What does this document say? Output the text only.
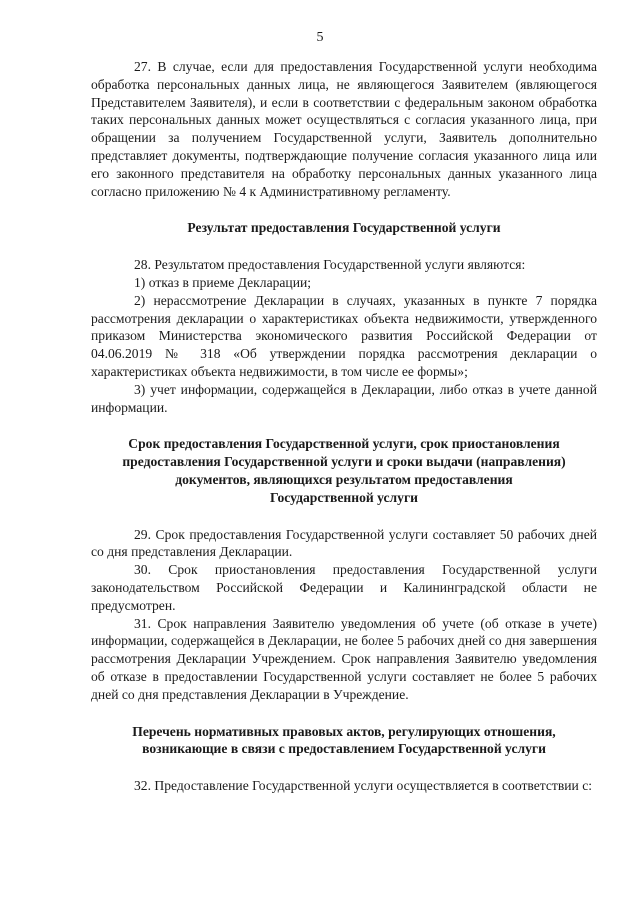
5

27. В случае, если для предоставления Государственной услуги необходима обработка персональных данных лица, не являющегося Заявителем (являющегося Представителем Заявителя), и если в соответствии с федеральным законом обработка таких персональных данных может осуществляться с согласия указанного лица, при обращении за получением Государственной услуги, Заявитель дополнительно представляет документы, подтверждающие получение согласия указанного лица или его законного представителя на обработку персональных данных указанного лица согласно приложению № 4 к Административному регламенту.

Результат предоставления Государственной услуги

28. Результатом предоставления Государственной услуги являются:

1) отказ в приеме Декларации;

2) нерассмотрение Декларации в случаях, указанных в пункте 7 порядка рассмотрения декларации о характеристиках объекта недвижимости, утвержденного приказом Министерства экономического развития Российской Федерации от 04.06.2019 № 318 «Об утверждении порядка рассмотрения декларации о характеристиках объекта недвижимости, в том числе ее формы»;

3) учет информации, содержащейся в Декларации, либо отказ в учете данной информации.

Срок предоставления Государственной услуги, срок приостановления
предоставления Государственной услуги и сроки выдачи (направления)
документов, являющихся результатом предоставления
Государственной услуги

29. Срок предоставления Государственной услуги составляет 50 рабочих дней со дня представления Декларации.

30. Срок приостановления предоставления Государственной услуги законодательством Российской Федерации и Калининградской области не предусмотрен.

31. Срок направления Заявителю уведомления об учете (об отказе в учете) информации, содержащейся в Декларации, не более 5 рабочих дней со дня завершения рассмотрения Декларации Учреждением. Срок направления Заявителю уведомления об отказе в предоставлении Государственной услуги составляет не более 5 рабочих дней со дня представления Декларации в Учреждение.

Перечень нормативных правовых актов, регулирующих отношения,
возникающие в связи с предоставлением Государственной услуги

32. Предоставление Государственной услуги осуществляется в соответствии с:
